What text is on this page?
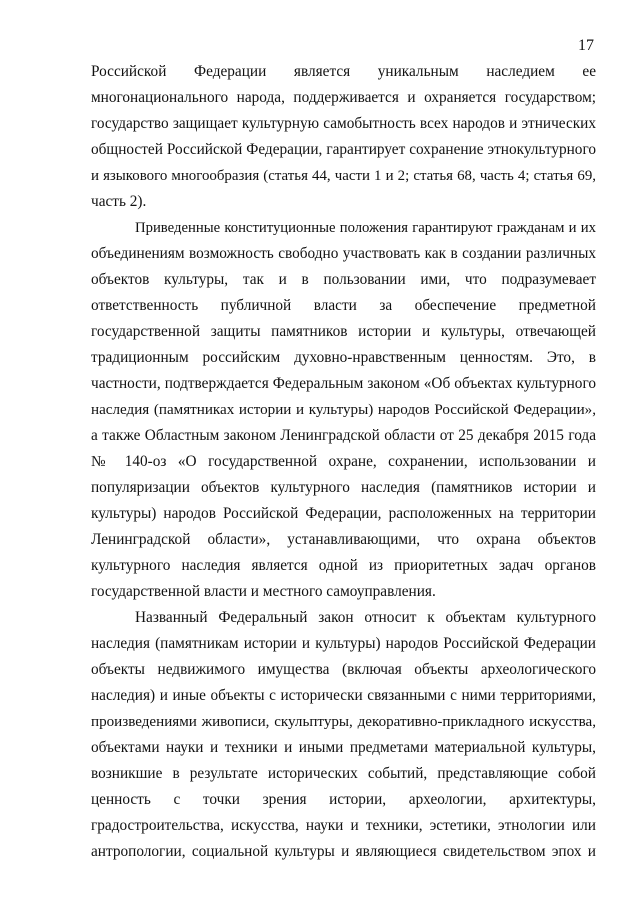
17
Российской Федерации является уникальным наследием ее
многонационального народа, поддерживается и охраняется государством;
государство защищает культурную самобытность всех народов и этнических
общностей Российской Федерации, гарантирует сохранение этнокультурного
и языкового многообразия (статья 44, части 1 и 2; статья 68, часть 4; статья 69,
часть 2).
Приведенные конституционные положения гарантируют гражданам и их
объединениям возможность свободно участвовать как в создании различных
объектов культуры, так и в пользовании ими, что подразумевает
ответственность публичной власти за обеспечение предметной
государственной защиты памятников истории и культуры, отвечающей
традиционным российским духовно-нравственным ценностям. Это, в
частности, подтверждается Федеральным законом «Об объектах культурного
наследия (памятниках истории и культуры) народов Российской Федерации»,
а также Областным законом Ленинградской области от 25 декабря 2015 года
№ 140-оз «О государственной охране, сохранении, использовании и
популяризации объектов культурного наследия (памятников истории и
культуры) народов Российской Федерации, расположенных на территории
Ленинградской области», устанавливающими, что охрана объектов
культурного наследия является одной из приоритетных задач органов
государственной власти и местного самоуправления.
Названный Федеральный закон относит к объектам культурного
наследия (памятникам истории и культуры) народов Российской Федерации
объекты недвижимого имущества (включая объекты археологического
наследия) и иные объекты с исторически связанными с ними территориями,
произведениями живописи, скульптуры, декоративно-прикладного искусства,
объектами науки и техники и иными предметами материальной культуры,
возникшие в результате исторических событий, представляющие собой
ценность с точки зрения истории, археологии, архитектуры,
градостроительства, искусства, науки и техники, эстетики, этнологии или
антропологии, социальной культуры и являющиеся свидетельством эпох и
